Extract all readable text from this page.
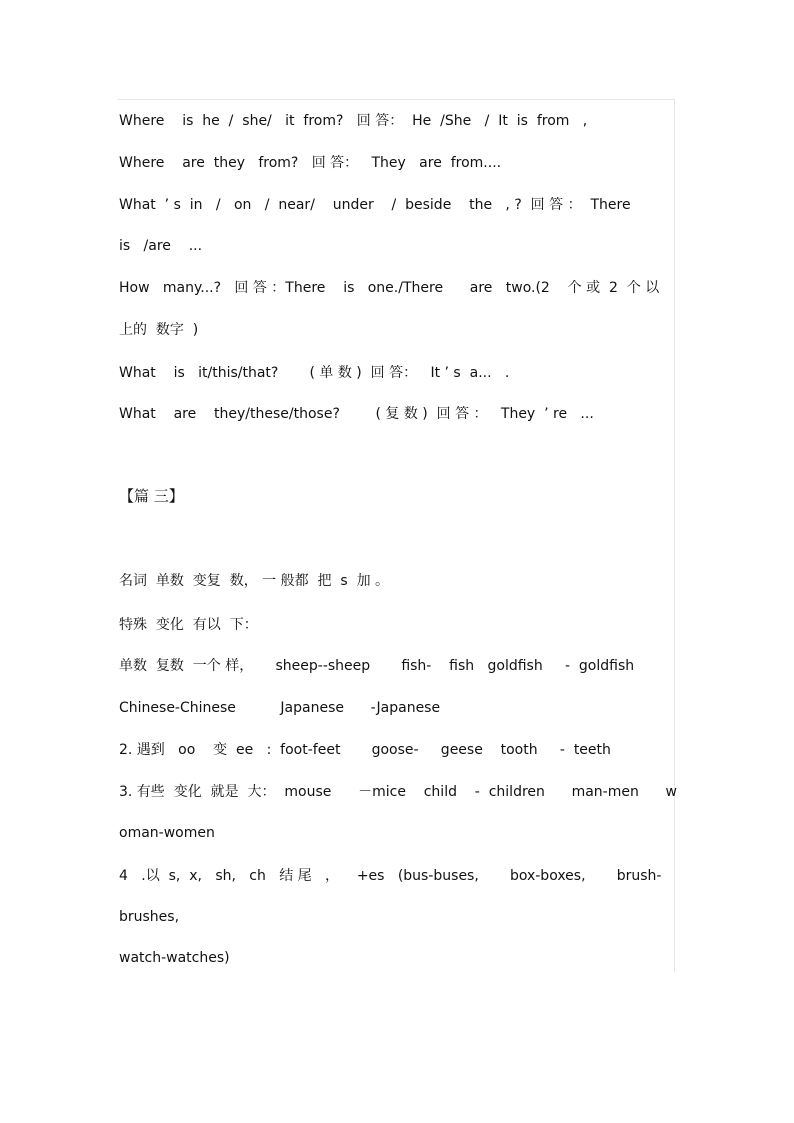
Where    is  he  /  she/   it  from?   回 答：  He  /She   /  It  is  from   ,
Where    are  they   from?   回 答：   They   are  from....
What  ’ s  in   /   on   /  near/    under    /  beside    the   , ?  回 答 ：  There
is   /are    ...
How   many...?   回 答 ：There    is   one./There      are   two.(2    个 或  2  个 以
上的  数字  )
What    is   it/this/that?       ( 单 数 )  回 答：   It ’ s  a...   .
What    are    they/these/those?        ( 复 数 )  回 答 ：   They  ’ re   ...
【篇 三】
名词  单数  变复  数， 一 般都  把  s  加 。
特殊  变化  有以  下：
单数  复数  一个 样，     sheep--sheep       fish-    fish   goldfish     -  goldfish
Chinese-Chinese          Japanese      -Japanese
2. 遇到   oo    变  ee   :  foot-feet       goose-     geese    tooth     -  teeth
3. 有些  变化  就是  大：  mouse      －mice    child    -  children      man-men      w
oman-women
4   .以  s,  x,   sh,   ch   结 尾   ，    +es   (bus-buses,       box-boxes,       brush-
brushes,
watch-watches)
